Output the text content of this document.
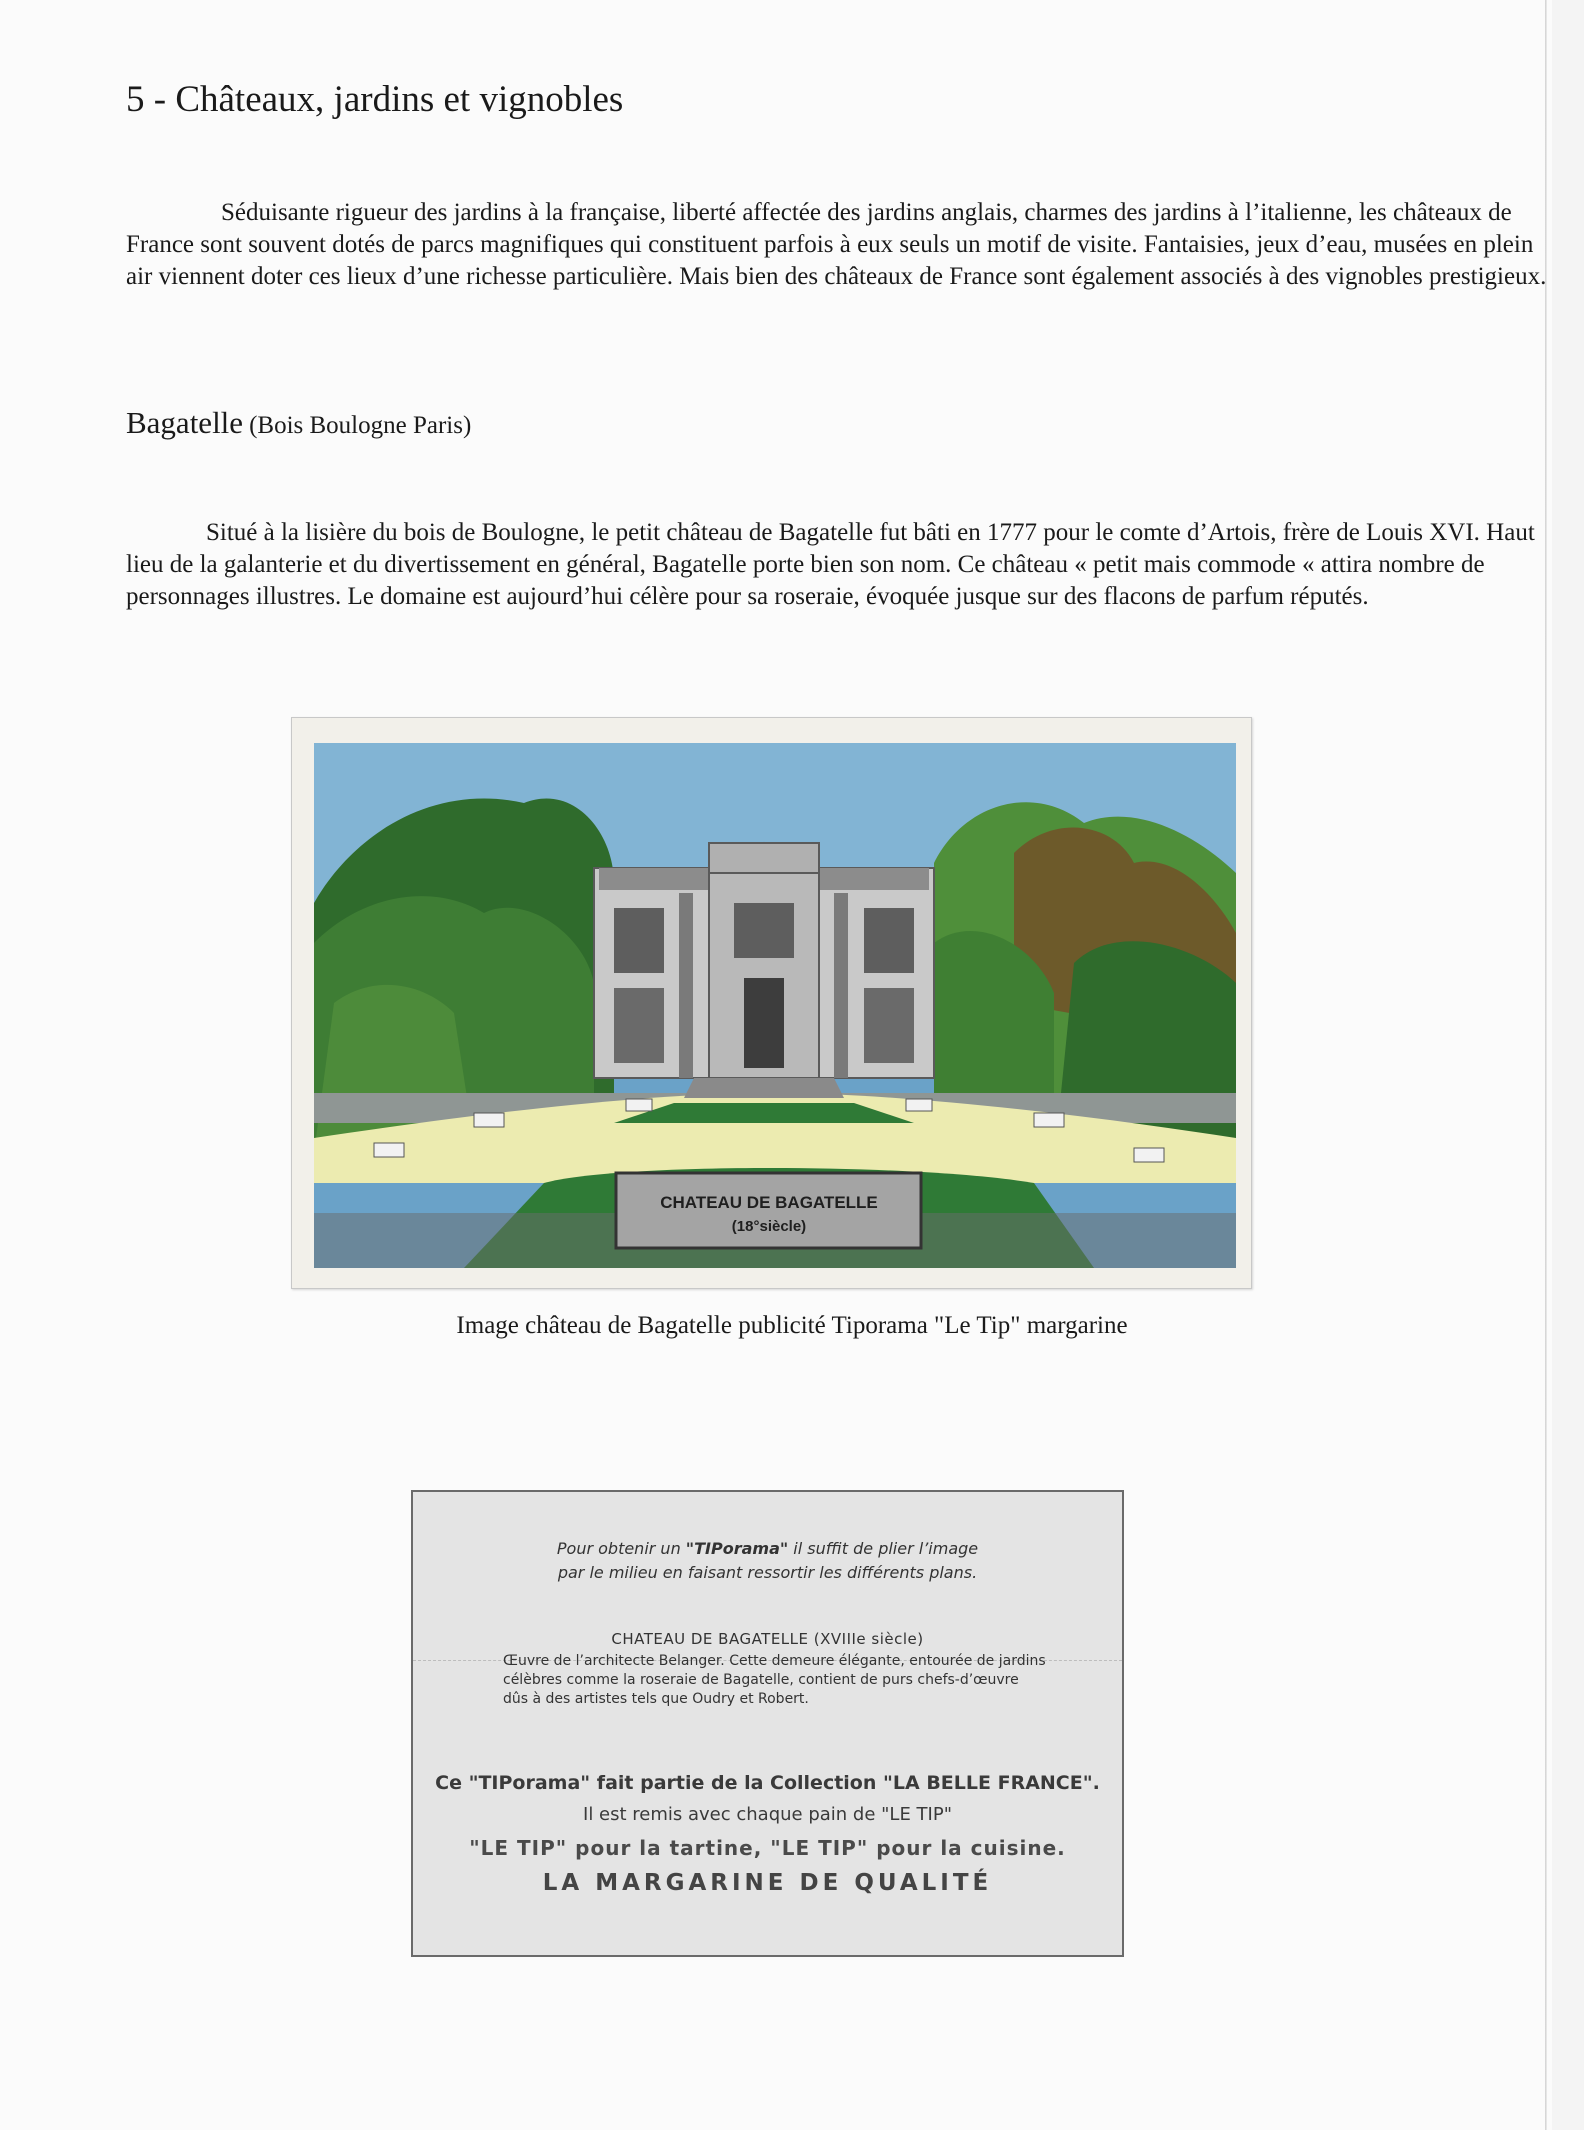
5 - Châteaux, jardins et vignobles

Séduisante rigueur des jardins à la française, liberté affectée des jardins anglais, charmes des jardins à l’italienne, les châteaux de France sont souvent dotés de parcs magnifiques qui constituent parfois à eux seuls un motif de visite. Fantaisies, jeux d’eau, musées en plein air viennent doter ces lieux d’une richesse particulière. Mais bien des châteaux de France sont également associés à des vignobles prestigieux.

Bagatelle (Bois Boulogne Paris)

Situé à la lisière du bois de Boulogne, le petit château de Bagatelle fut bâti en 1777 pour le comte d’Artois, frère de Louis XVI. Haut lieu de la galanterie et du divertissement en général, Bagatelle porte bien son nom. Ce château « petit mais commode « attira nombre de personnages illustres. Le domaine est aujourd’hui célère pour sa roseraie, évoquée jusque sur des flacons de parfum réputés.

CHATEAU DE BAGATELLE
(18°siècle)
Image château de Bagatelle publicité Tiporama "Le Tip" margarine

Pour obtenir un "TIPorama" il suffit de plier l’image
par le milieu en faisant ressortir les différents plans.

CHATEAU DE BAGATELLE (XVIIIe siècle)

Œuvre de l’architecte Belanger. Cette demeure élégante, entourée de jardins célèbres comme la roseraie de Bagatelle, contient de purs chefs-d’œuvre dûs à des artistes tels que Oudry et Robert.

Ce "TIPorama" fait partie de la Collection "LA BELLE FRANCE".

Il est remis avec chaque pain de "LE TIP"

"LE TIP" pour la tartine, "LE TIP" pour la cuisine.

LA MARGARINE DE QUALITÉ
